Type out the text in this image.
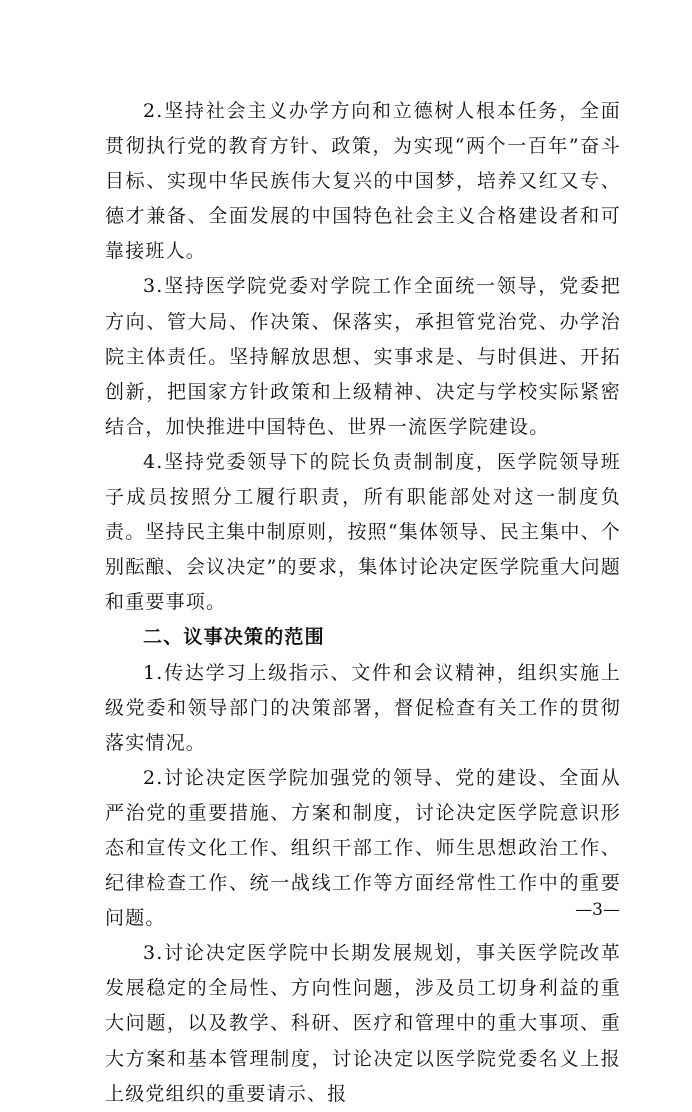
2.坚持社会主义办学方向和立德树人根本任务，全面贯彻执行党的教育方针、政策，为实现“两个一百年”奋斗目标、实现中华民族伟大复兴的中国梦，培养又红又专、德才兼备、全面发展的中国特色社会主义合格建设者和可靠接班人。

3.坚持医学院党委对学院工作全面统一领导，党委把方向、管大局、作决策、保落实，承担管党治党、办学治院主体责任。坚持解放思想、实事求是、与时俱进、开拓创新，把国家方针政策和上级精神、决定与学校实际紧密结合，加快推进中国特色、世界一流医学院建设。

4.坚持党委领导下的院长负责制制度，医学院领导班子成员按照分工履行职责，所有职能部处对这一制度负责。坚持民主集中制原则，按照“集体领导、民主集中、个别酝酿、会议决定”的要求，集体讨论决定医学院重大问题和重要事项。

二、议事决策的范围

1.传达学习上级指示、文件和会议精神，组织实施上级党委和领导部门的决策部署，督促检查有关工作的贯彻落实情况。

2.讨论决定医学院加强党的领导、党的建设、全面从严治党的重要措施、方案和制度，讨论决定医学院意识形态和宣传文化工作、组织干部工作、师生思想政治工作、纪律检查工作、统一战线工作等方面经常性工作中的重要问题。

3.讨论决定医学院中长期发展规划，事关医学院改革发展稳定的全局性、方向性问题，涉及员工切身利益的重大问题，以及教学、科研、医疗和管理中的重大事项、重大方案和基本管理制度，讨论决定以医学院党委名义上报上级党组织的重要请示、报

—3—
